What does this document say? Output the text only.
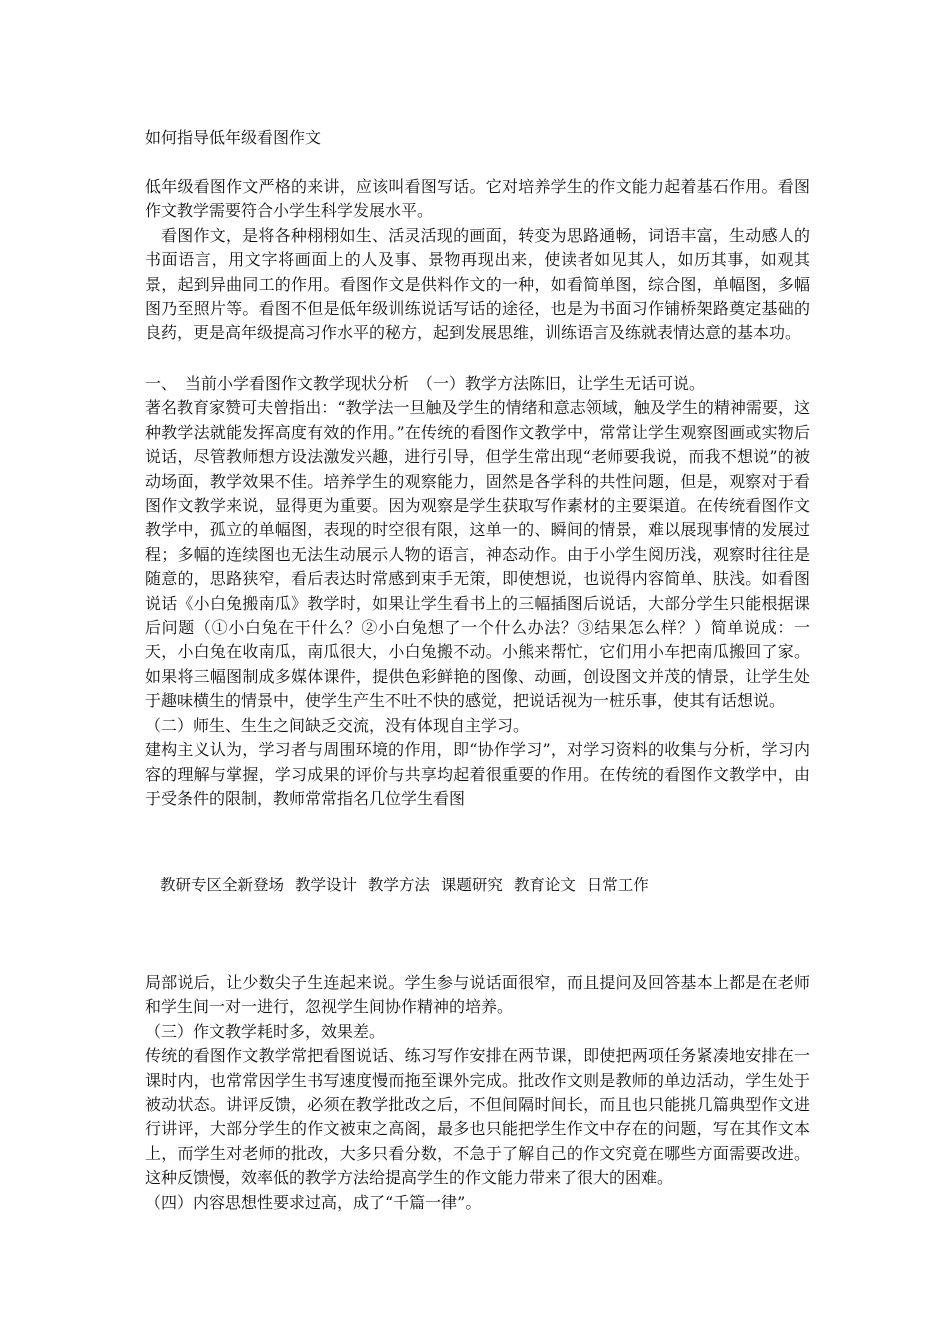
如何指导低年级看图作文

低年级看图作文严格的来讲，应该叫看图写话。它对培养学生的作文能力起着基石作用。看图作文教学需要符合小学生科学发展水平。

看图作文，是将各种栩栩如生、活灵活现的画面，转变为思路通畅，词语丰富，生动感人的书面语言，用文字将画面上的人及事、景物再现出来，使读者如见其人，如历其事，如观其景，起到异曲同工的作用。看图作文是供料作文的一种，如看简单图，综合图，单幅图，多幅图乃至照片等。看图不但是低年级训练说话写话的途径，也是为书面习作铺桥架路奠定基础的良药，更是高年级提高习作水平的秘方，起到发展思维，训练语言及练就表情达意的基本功。

一、　当前小学看图作文教学现状分析　（一）教学方法陈旧，让学生无话可说。

著名教育家赞可夫曾指出：“教学法一旦触及学生的情绪和意志领域，触及学生的精神需要，这种教学法就能发挥高度有效的作用。”在传统的看图作文教学中，常常让学生观察图画或实物后说话，尽管教师想方设法激发兴趣，进行引导，但学生常出现“老师要我说，而我不想说”的被动场面，教学效果不佳。培养学生的观察能力，固然是各学科的共性问题，但是，观察对于看图作文教学来说，显得更为重要。因为观察是学生获取写作素材的主要渠道。在传统看图作文教学中，孤立的单幅图，表现的时空很有限，这单一的、瞬间的情景，难以展现事情的发展过程；多幅的连续图也无法生动展示人物的语言，神态动作。由于小学生阅历浅，观察时往往是随意的，思路狭窄，看后表达时常感到束手无策，即使想说，也说得内容简单、肤浅。如看图说话《小白兔搬南瓜》教学时，如果让学生看书上的三幅插图后说话，大部分学生只能根据课后问题（①小白兔在干什么？②小白兔想了一个什么办法？③结果怎么样？）简单说成：一天，小白兔在收南瓜，南瓜很大，小白兔搬不动。小熊来帮忙，它们用小车把南瓜搬回了家。如果将三幅图制成多媒体课件，提供色彩鲜艳的图像、动画，创设图文并茂的情景，让学生处于趣味横生的情景中，使学生产生不吐不快的感觉，把说话视为一桩乐事，使其有话想说。

（二）师生、生生之间缺乏交流，没有体现自主学习。

建构主义认为，学习者与周围环境的作用，即“协作学习”，对学习资料的收集与分析，学习内容的理解与掌握，学习成果的评价与共享均起着很重要的作用。在传统的看图作文教学中，由于受条件的限制，教师常常指名几位学生看图

教研专区全新登场 教学设计 教学方法 课题研究 教育论文 日常工作

局部说后，让少数尖子生连起来说。学生参与说话面很窄，而且提问及回答基本上都是在老师和学生间一对一进行，忽视学生间协作精神的培养。

（三）作文教学耗时多，效果差。

传统的看图作文教学常把看图说话、练习写作安排在两节课，即使把两项任务紧凑地安排在一课时内，也常常因学生书写速度慢而拖至课外完成。批改作文则是教师的单边活动，学生处于被动状态。讲评反馈，必须在教学批改之后，不但间隔时间长，而且也只能挑几篇典型作文进行讲评，大部分学生的作文被束之高阁，最多也只能把学生作文中存在的问题，写在其作文本上，而学生对老师的批改，大多只看分数，不急于了解自己的作文究竟在哪些方面需要改进。这种反馈慢，效率低的教学方法给提高学生的作文能力带来了很大的困难。

（四）内容思想性要求过高，成了“千篇一律”。
